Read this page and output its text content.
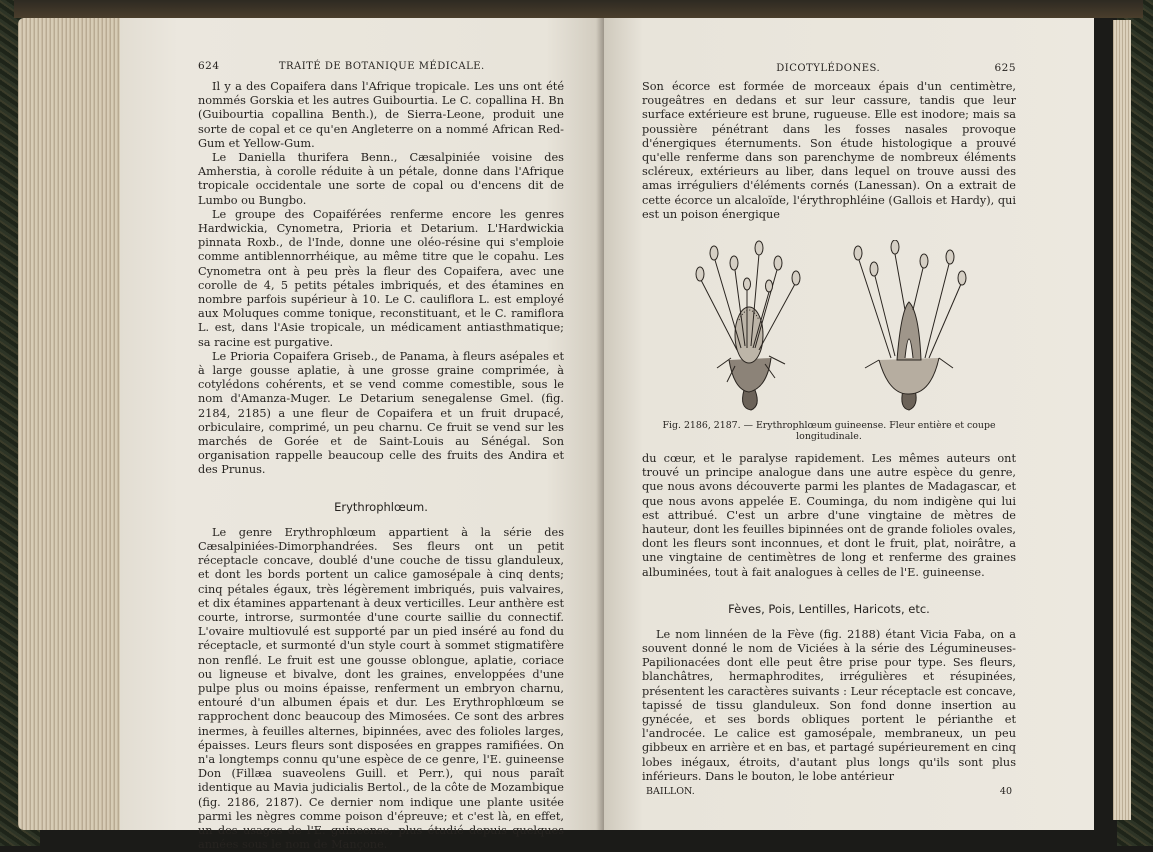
624	TRAITÉ DE BOTANIQUE MÉDICALE.

Il y a des Copaifera dans l'Afrique tropicale. Les uns ont été nommés Gorskia et les autres Guibourtia. Le C. copallina H. Bn (Guibourtia copallina Benth.), de Sierra-Leone, produit une sorte de copal et ce qu'en Angleterre on a nommé African Red-Gum et Yellow-Gum.

Le Daniella thurifera Benn., Cæsalpiniée voisine des Amherstia, à corolle réduite à un pétale, donne dans l'Afrique tropicale occidentale une sorte de copal ou d'encens dit de Lumbo ou Bungbo.

Le groupe des Copaiférées renferme encore les genres Hardwickia, Cynometra, Prioria et Detarium. L'Hardwickia pinnata Roxb., de l'Inde, donne une oléo-résine qui s'emploie comme antiblennorrhéique, au même titre que le copahu. Les Cynometra ont à peu près la fleur des Copaifera, avec une corolle de 4, 5 petits pétales imbriqués, et des étamines en nombre parfois supérieur à 10. Le C. cauliflora L. est employé aux Moluques comme tonique, reconstituant, et le C. ramiflora L. est, dans l'Asie tropicale, un médicament antiasthmatique; sa racine est purgative.

Le Prioria Copaifera Griseb., de Panama, à fleurs asépales et à large gousse aplatie, à une grosse graine comprimée, à cotylédons cohérents, et se vend comme comestible, sous le nom d'Amanza-Muger. Le Detarium senegalense Gmel. (fig. 2184, 2185) a une fleur de Copaifera et un fruit drupacé, orbiculaire, comprimé, un peu charnu. Ce fruit se vend sur les marchés de Gorée et de Saint-Louis au Sénégal. Son organisation rappelle beaucoup celle des fruits des Andira et des Prunus.

Erythrophlœum.

Le genre Erythrophlœum appartient à la série des Cæsalpiniées-Dimorphandrées. Ses fleurs ont un petit réceptacle concave, doublé d'une couche de tissu glanduleux, et dont les bords portent un calice gamosépale à cinq dents; cinq pétales égaux, très légèrement imbriqués, puis valvaires, et dix étamines appartenant à deux verticilles. Leur anthère est courte, introrse, surmontée d'une courte saillie du connectif. L'ovaire multiovulé est supporté par un pied inséré au fond du réceptacle, et surmonté d'un style court à sommet stigmatifère non renflé. Le fruit est une gousse oblongue, aplatie, coriace ou ligneuse et bivalve, dont les graines, enveloppées d'une pulpe plus ou moins épaisse, renferment un embryon charnu, entouré d'un albumen épais et dur. Les Erythrophlœum se rapprochent donc beaucoup des Mimosées. Ce sont des arbres inermes, à feuilles alternes, bipinnées, avec des folioles larges, épaisses. Leurs fleurs sont disposées en grappes ramifiées. On n'a longtemps connu qu'une espèce de ce genre, l'E. guineense Don (Fillæa suaveolens Guill. et Perr.), qui nous paraît identique au Mavia judicialis Bertol., de la côte de Mozambique (fig. 2186, 2187). Ce dernier nom indique une plante usitée parmi les nègres comme poison d'épreuve; et c'est là, en effet, un des usages de l'E. guineense, plus étudié depuis quelques années sous le nom de Mançone.

DICOTYLÉDONES.	625

Son écorce est formée de morceaux épais d'un centimètre, rougeâtres en dedans et sur leur cassure, tandis que leur surface extérieure est brune, rugueuse. Elle est inodore; mais sa poussière pénétrant dans les fosses nasales provoque d'énergiques éternuments. Son étude histologique a prouvé qu'elle renferme dans son parenchyme de nombreux éléments scléreux, extérieurs au liber, dans lequel on trouve aussi des amas irréguliers d'éléments cornés (Lanessan). On a extrait de cette écorce un alcaloïde, l'érythrophléine (Gallois et Hardy), qui est un poison énergique

Fig. 2186, 2187. — Erythrophlœum guineense. Fleur entière et coupe longitudinale.

du cœur, et le paralyse rapidement. Les mêmes auteurs ont trouvé un principe analogue dans une autre espèce du genre, que nous avons découverte parmi les plantes de Madagascar, et que nous avons appelée E. Couminga, du nom indigène qui lui est attribué. C'est un arbre d'une vingtaine de mètres de hauteur, dont les feuilles bipinnées ont de grande folioles ovales, dont les fleurs sont inconnues, et dont le fruit, plat, noirâtre, a une vingtaine de centimètres de long et renferme des graines albuminées, tout à fait analogues à celles de l'E. guineense.

Fèves, Pois, Lentilles, Haricots, etc.

Le nom linnéen de la Fève (fig. 2188) étant Vicia Faba, on a souvent donné le nom de Viciées à la série des Légumineuses-Papilionacées dont elle peut être prise pour type. Ses fleurs, blanchâtres, hermaphrodites, irrégulières et résupinées, présentent les caractères suivants : Leur réceptacle est concave, tapissé de tissu glanduleux. Son fond donne insertion au gynécée, et ses bords obliques portent le périanthe et l'androcée. Le calice est gamosépale, membraneux, un peu gibbeux en arrière et en bas, et partagé supérieurement en cinq lobes inégaux, étroits, d'autant plus longs qu'ils sont plus inférieurs. Dans le bouton, le lobe antérieur

BAILLON.	40
